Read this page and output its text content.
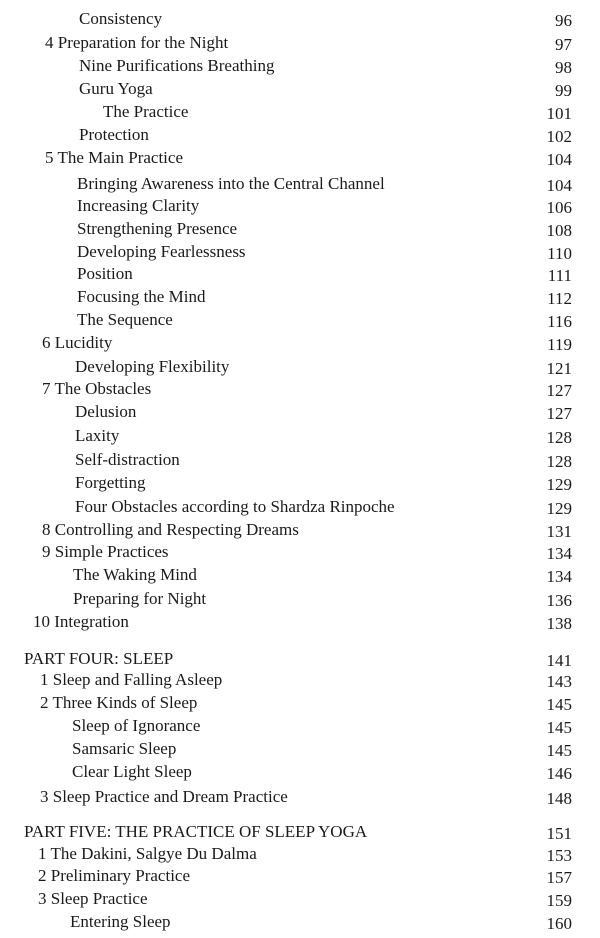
Consistency	96
4 Preparation for the Night	97
Nine Purifications Breathing	98
Guru Yoga	99
The Practice	101
Protection	102
5 The Main Practice	104
Bringing Awareness into the Central Channel	104
Increasing Clarity	106
Strengthening Presence	108
Developing Fearlessness	110
Position	111
Focusing the Mind	112
The Sequence	116
6 Lucidity	119
Developing Flexibility	121
7 The Obstacles	127
Delusion	127
Laxity	128
Self-distraction	128
Forgetting	129
Four Obstacles according to Shardza Rinpoche	129
8 Controlling and Respecting Dreams	131
9 Simple Practices	134
The Waking Mind	134
Preparing for Night	136
10 Integration	138
PART FOUR: SLEEP	141
1 Sleep and Falling Asleep	143
2 Three Kinds of Sleep	145
Sleep of Ignorance	145
Samsaric Sleep	145
Clear Light Sleep	146
3 Sleep Practice and Dream Practice	148
PART FIVE: THE PRACTICE OF SLEEP YOGA	151
1 The Dakini, Salgye Du Dalma	153
2 Preliminary Practice	157
3 Sleep Practice	159
Entering Sleep	160
